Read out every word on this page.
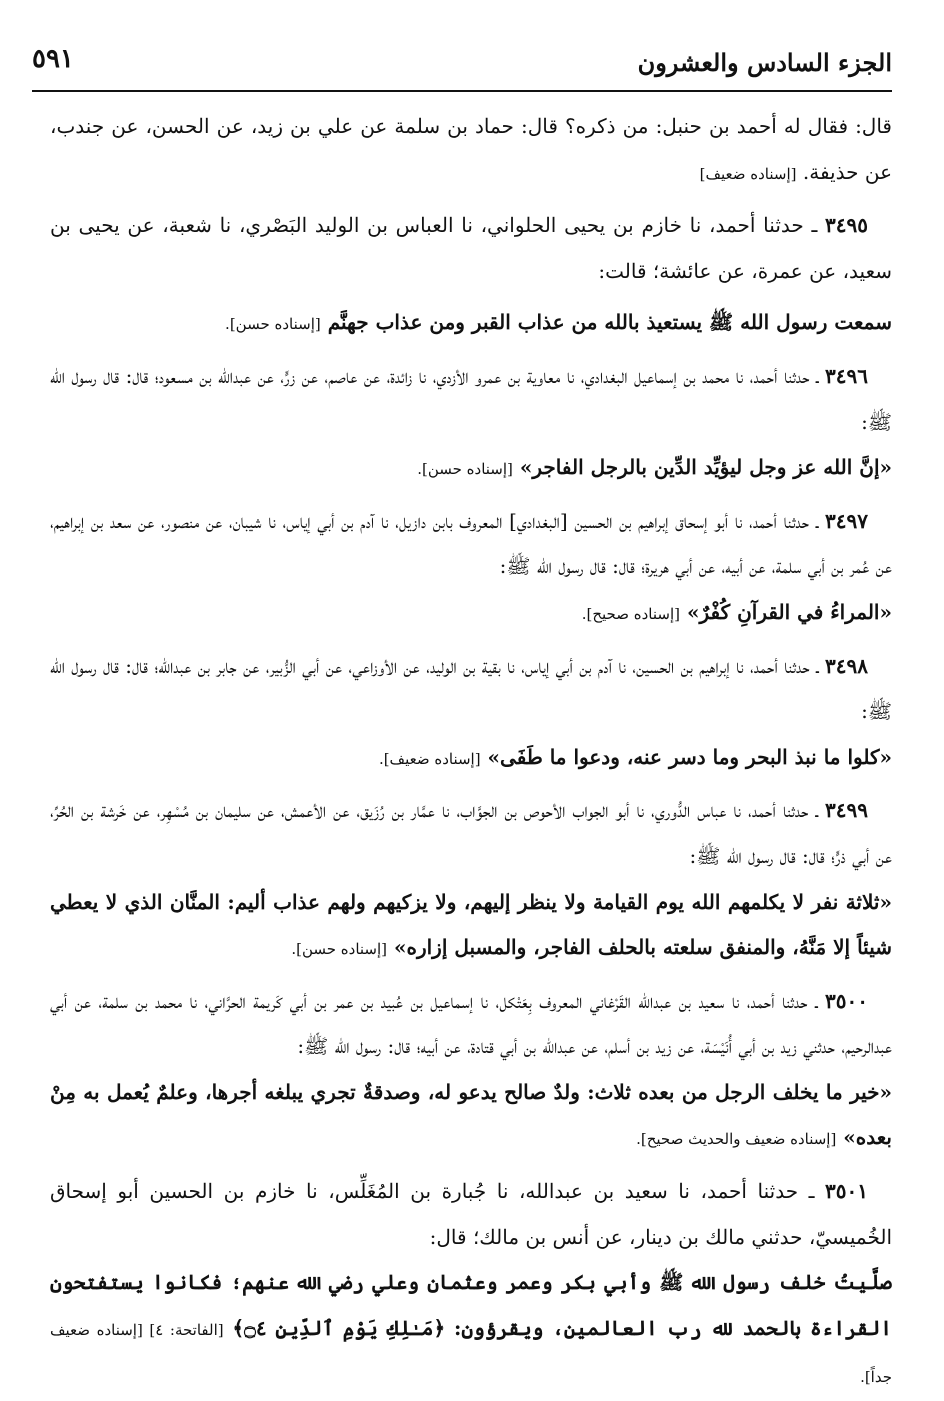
الجزء السادس والعشرون
٥٩١

قال: فقال له أحمد بن حنبل: من ذكره؟ قال: حماد بن سلمة عن علي بن زيد، عن الحسن، عن جندب، عن حذيفة. [إسناده ضعيف]

٣٤٩٥ ـ حدثنا أحمد، نا خازم بن يحيى الحلواني، نا العباس بن الوليد البَصْري، نا شعبة، عن يحيى بن سعيد، عن عمرة، عن عائشة؛ قالت:

سمعت رسول الله ﷺ يستعيذ بالله من عذاب القبر ومن عذاب جهنَّم [إسناده حسن].

٣٤٩٦ ـ حدثنا أحمد، نا محمد بن إسماعيل البغدادي، نا معاوية بن عمرو الأزدي، نا زائدة، عن عاصم، عن زرٍّ، عن عبدالله بن مسعود؛ قال: قال رسول الله ﷺ:

«إنَّ الله عز وجل ليؤيِّد الدِّين بالرجل الفاجر» [إسناده حسن].

٣٤٩٧ ـ حدثنا أحمد، نا أبو إسحاق إبراهيم بن الحسين [البغدادي] المعروف بابن دازيل، نا آدم بن أبي إياس، نا شيبان، عن منصور، عن سعد بن إبراهيم، عن عُمر بن أبي سلمة، عن أبيه، عن أبي هريرة؛ قال: قال رسول الله ﷺ:

«المراءُ في القرآنِ كُفْرٌ» [إسناده صحيح].

٣٤٩٨ ـ حدثنا أحمد، نا إبراهيم بن الحسين، نا آدم بن أبي إياس، نا بقية بن الوليد، عن الأوزاعي، عن أبي الزُّبير، عن جابر بن عبدالله؛ قال: قال رسول الله ﷺ:

«كلوا ما نبذ البحر وما دسر عنه، ودعوا ما طَفَى» [إسناده ضعيف].

٣٤٩٩ ـ حدثنا أحمد، نا عباس الدُّوري، نا أبو الجواب الأحوص بن الجوَّاب، نا عمَّار بن رُزَيق، عن الأعمش، عن سليمان بن مُسْهِر، عن خَرشة بن الحُرِّ، عن أبي ذرٍّ؛ قال: قال رسول الله ﷺ:

«ثلاثة نفر لا يكلمهم الله يوم القيامة ولا ينظر إليهم، ولا يزكيهم ولهم عذاب أليم: المنَّان الذي لا يعطي شيئاً إلا مَنَّهُ، والمنفق سلعته بالحلف الفاجر، والمسبل إزاره» [إسناده حسن].

٣٥٠٠ ـ حدثنا أحمد، نا سعيد بن عبدالله القَرْغاني المعروف بِعَتْكل، نا إسماعيل بن عُبيد بن عمر بن أبي كَريمة الحرَّاني، نا محمد بن سلمة، عن أبي عبدالرحيم، حدثني زيد بن أبي أُنَيْسَة، عن زيد بن أسلم، عن عبدالله بن أبي قتادة، عن أبيه؛ قال: رسول الله ﷺ:

«خير ما يخلف الرجل من بعده ثلاث: ولدٌ صالح يدعو له، وصدقةٌ تجري يبلغه أجرها، وعلمٌ يُعمل به مِنْ بعده» [إسناده ضعيف والحديث صحيح].

٣٥٠١ ـ حدثنا أحمد، نا سعيد بن عبدالله، نا جُبارة بن المُغَلِّس، نا خازم بن الحسين أبو إسحاق الخُميسيّ، حدثني مالك بن دينار، عن أنس بن مالك؛ قال:

صلَّيتُ خلف رسول الله ﷺ وأبي بكر وعمر وعثمان وعلي رضي الله عنهم؛ فكانوا يستفتحون القراءة بالحمد لله رب العالمين، ويقرؤون: ﴿مَـٰلِكِ يَوْمِ ٱلدِّينِ ۝٤﴾ [الفاتحة: ٤] [إسناده ضعيف جداً].
